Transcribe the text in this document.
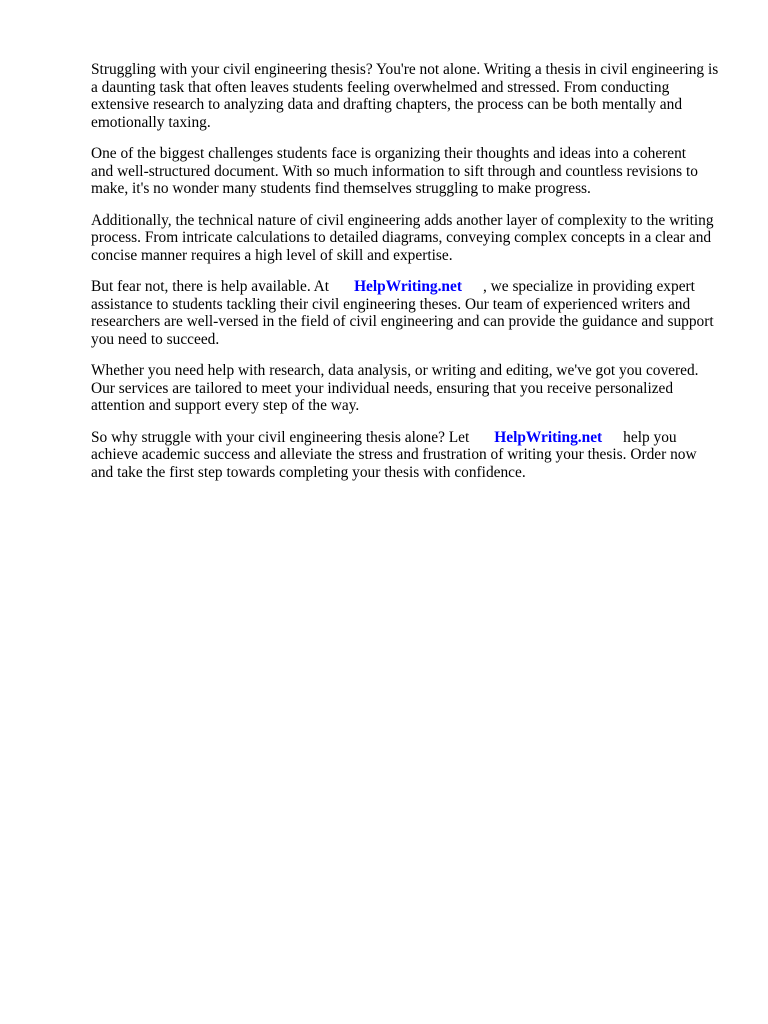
Struggling with your civil engineering thesis? You're not alone. Writing a thesis in civil engineering is
a daunting task that often leaves students feeling overwhelmed and stressed. From conducting
extensive research to analyzing data and drafting chapters, the process can be both mentally and
emotionally taxing.

One of the biggest challenges students face is organizing their thoughts and ideas into a coherent
and well-structured document. With so much information to sift through and countless revisions to
make, it's no wonder many students find themselves struggling to make progress.

Additionally, the technical nature of civil engineering adds another layer of complexity to the writing
process. From intricate calculations to detailed diagrams, conveying complex concepts in a clear and
concise manner requires a high level of skill and expertise.

But fear not, there is help available. At HelpWriting.net , we specialize in providing expert
assistance to students tackling their civil engineering theses. Our team of experienced writers and
researchers are well-versed in the field of civil engineering and can provide the guidance and support
you need to succeed.

Whether you need help with research, data analysis, or writing and editing, we've got you covered.
Our services are tailored to meet your individual needs, ensuring that you receive personalized
attention and support every step of the way.

So why struggle with your civil engineering thesis alone? Let HelpWriting.net help you
achieve academic success and alleviate the stress and frustration of writing your thesis. Order now
and take the first step towards completing your thesis with confidence.
